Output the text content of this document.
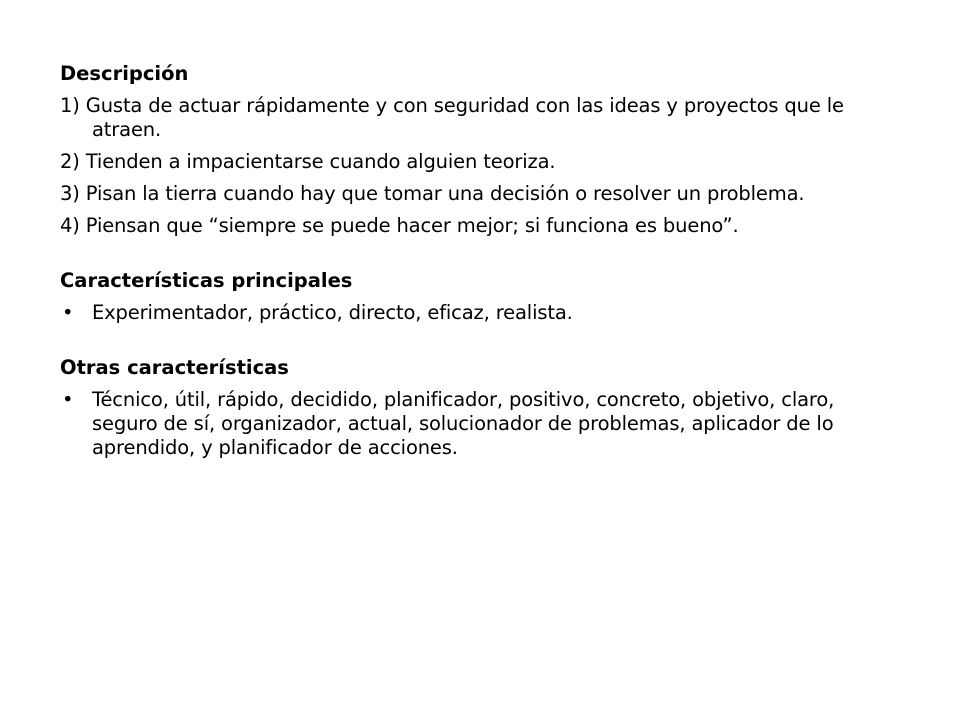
Descripción
1) Gusta de actuar rápidamente y con seguridad con las ideas y proyectos que le atraen.
2) Tienden a impacientarse cuando alguien teoriza.
3) Pisan la tierra cuando hay que tomar una decisión o resolver un problema.
4) Piensan que “siempre se puede hacer mejor; si funciona es bueno”.
Características principales
• Experimentador, práctico, directo, eficaz, realista.
Otras características
• Técnico, útil, rápido, decidido, planificador, positivo, concreto, objetivo, claro, seguro de sí, organizador, actual, solucionador de problemas, aplicador de lo aprendido, y planificador de acciones.
